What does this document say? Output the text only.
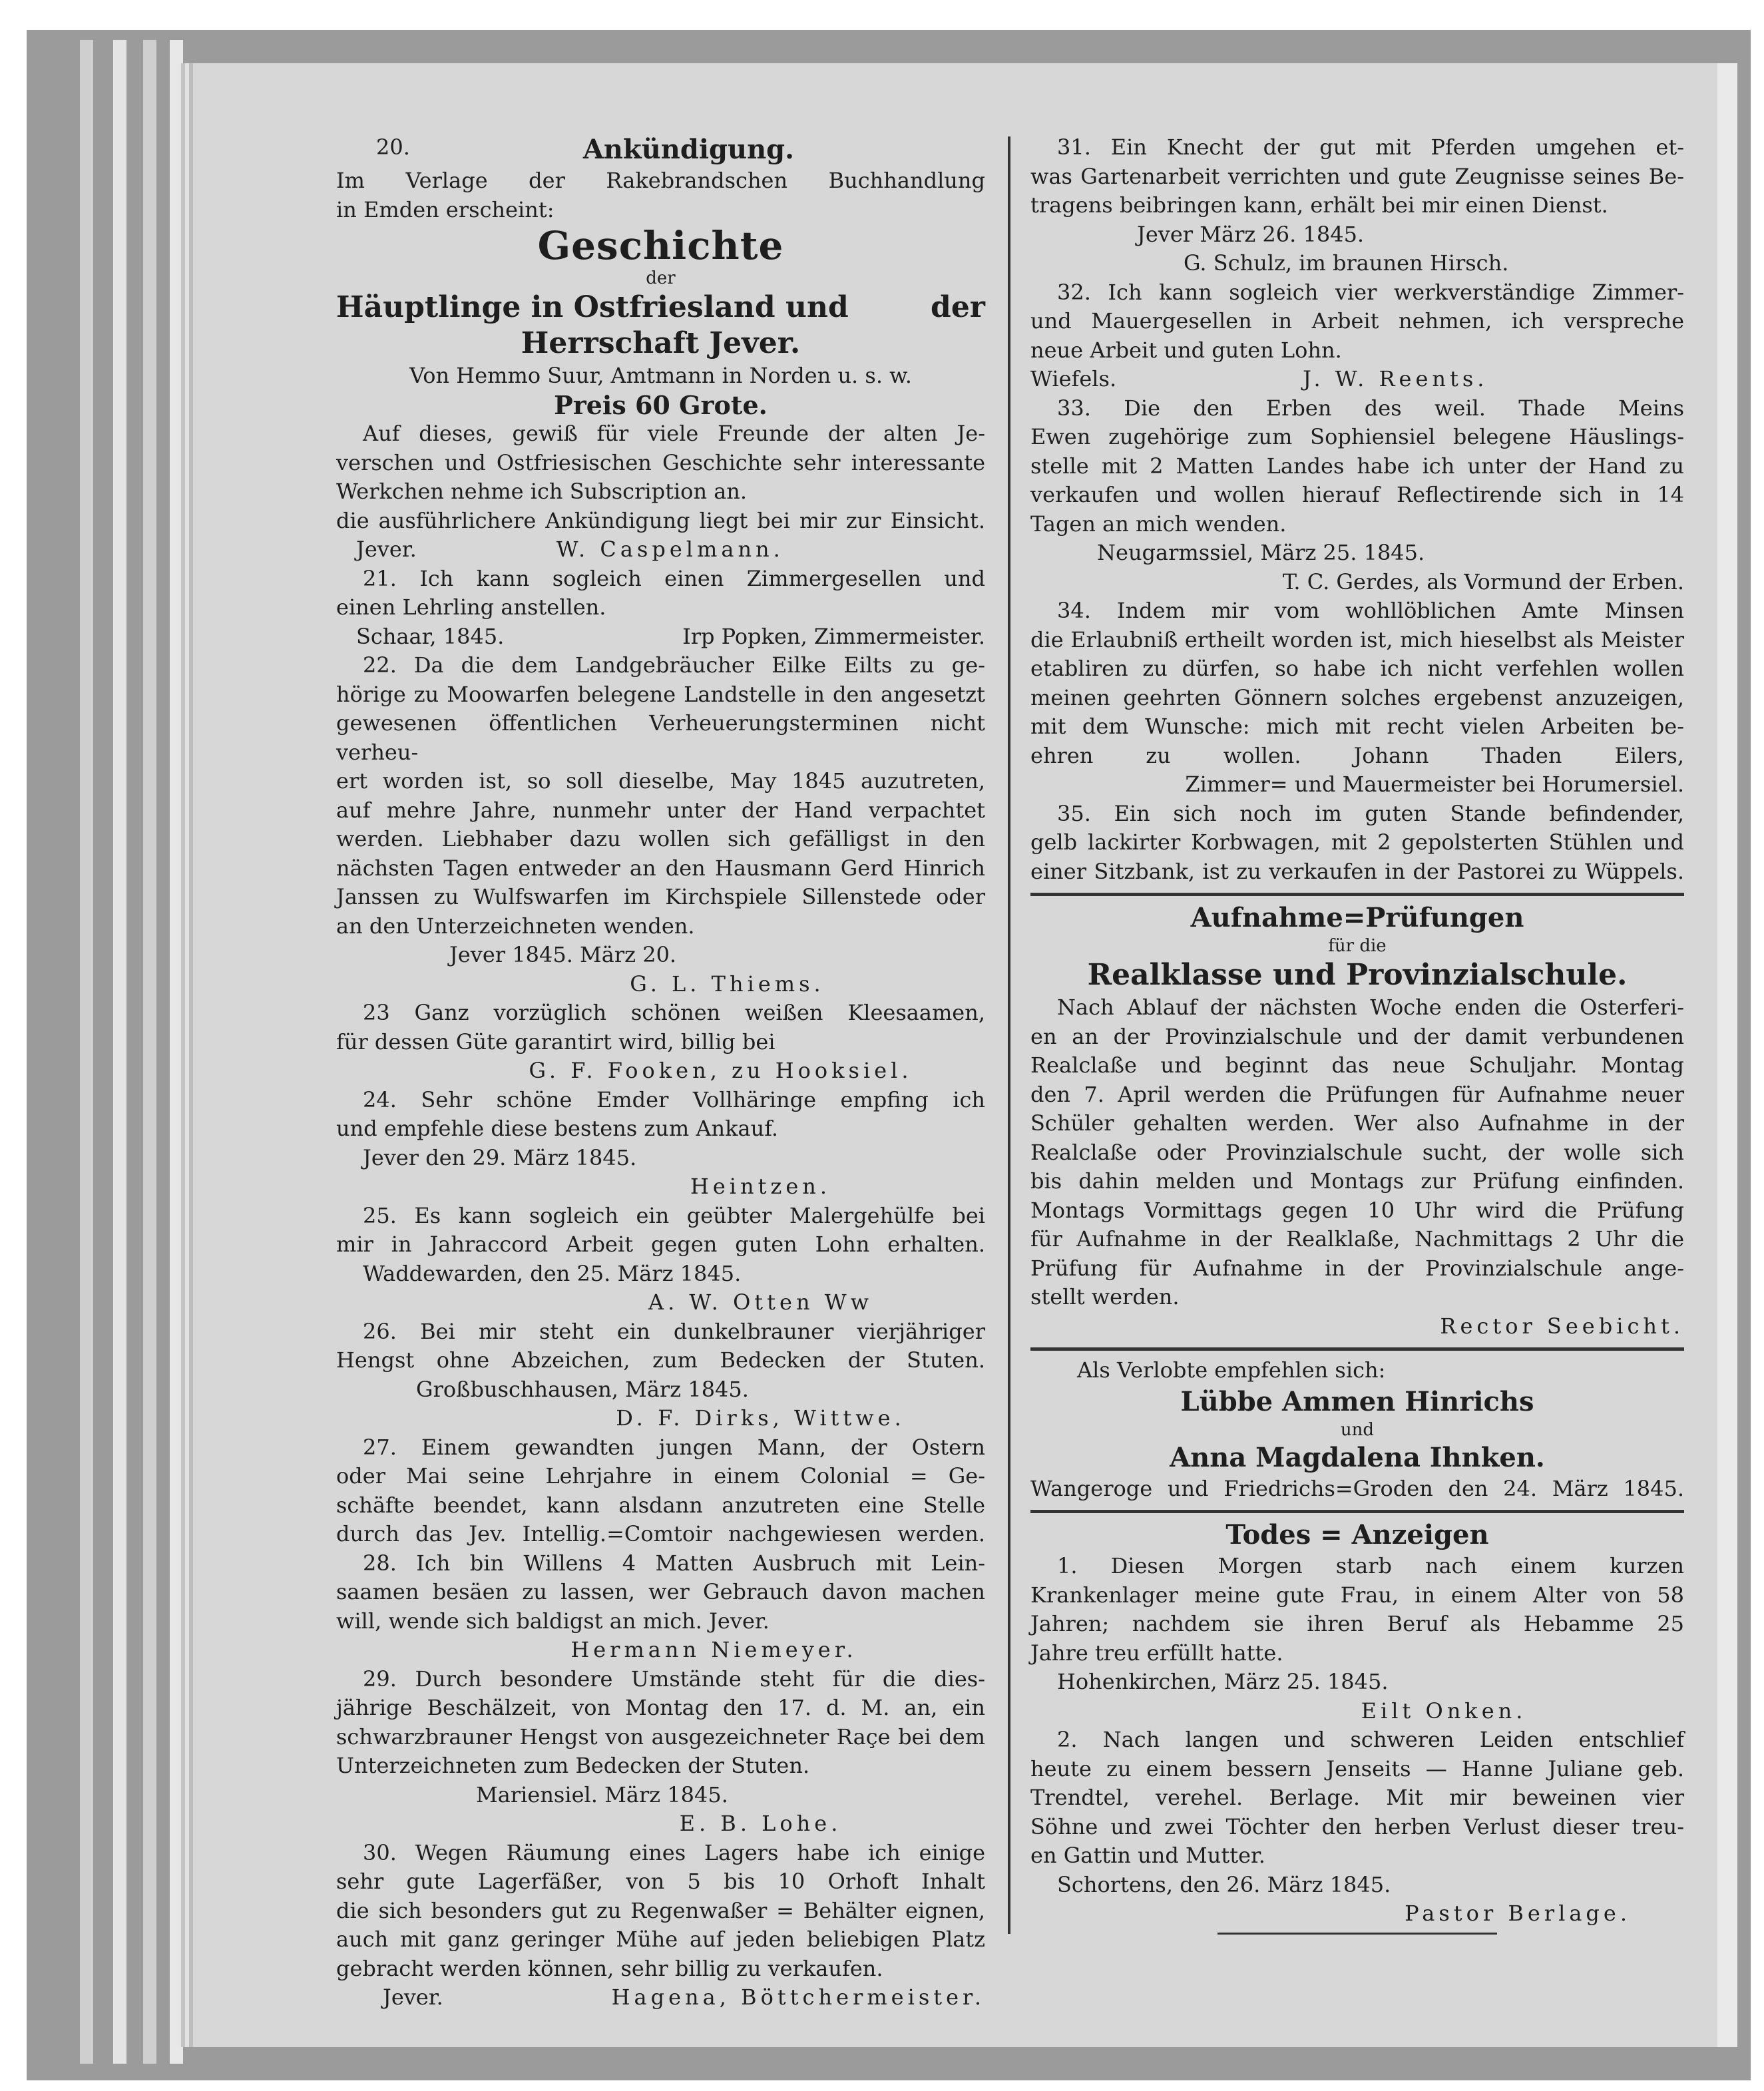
20.	Ankündigung.

Im Verlage der Rakebrandschen Buchhandlung

in Emden erscheint:

Geschichte

der

Häuptlinge in Ostfriesland und	der

Herrschaft Jever.

Von Hemmo Suur, Amtmann in Norden u. s. w.

Preis 60 Grote.

Auf dieses, gewiß für viele Freunde der alten Je-

verschen und Ostfriesischen Geschichte sehr interessante

Werkchen nehme ich Subscription an.

die ausführlichere Ankündigung liegt bei mir zur Einsicht.

Jever.	W. Caspelmann.

21. Ich kann sogleich einen Zimmergesellen und

einen Lehrling anstellen.

Schaar, 1845.	Irp Popken, Zimmermeister.

22. Da die dem Landgebräucher Eilke Eilts zu ge-

hörige zu Moowarfen belegene Landstelle in den angesetzt

gewesenen öffentlichen Verheuerungsterminen nicht verheu-

ert worden ist, so soll dieselbe, May 1845 auzutreten,

auf mehre Jahre, nunmehr unter der Hand verpachtet

werden. Liebhaber dazu wollen sich gefälligst in den

nächsten Tagen entweder an den Hausmann Gerd Hinrich

Janssen zu Wulfswarfen im Kirchspiele Sillenstede oder

an den Unterzeichneten wenden.

Jever 1845. März 20.

G. L. Thiems.

23 Ganz vorzüglich schönen weißen Kleesaamen,

für dessen Güte garantirt wird, billig bei

G. F. Fooken, zu Hooksiel.

24. Sehr schöne Emder Vollhäringe empfing ich

und empfehle diese bestens zum Ankauf.

Jever den 29. März 1845.

Heintzen.

25. Es kann sogleich ein geübter Malergehülfe bei

mir in Jahraccord Arbeit gegen guten Lohn erhalten.

Waddewarden, den 25. März 1845.

A. W. Otten Ww

26. Bei mir steht ein dunkelbrauner vierjähriger

Hengst ohne Abzeichen, zum Bedecken der Stuten.

Großbuschhausen, März 1845.

D. F. Dirks, Wittwe.

27. Einem gewandten jungen Mann, der Ostern

oder Mai seine Lehrjahre in einem Colonial = Ge-

schäfte beendet, kann alsdann anzutreten eine Stelle

durch das Jev. Intellig.=Comtoir nachgewiesen werden.

28. Ich bin Willens 4 Matten Ausbruch mit Lein-

saamen besäen zu lassen, wer Gebrauch davon machen

will, wende sich baldigst an mich. Jever.

Hermann Niemeyer.

29. Durch besondere Umstände steht für die dies-

jährige Beschälzeit, von Montag den 17. d. M. an, ein

schwarzbrauner Hengst von ausgezeichneter Raçe bei dem

Unterzeichneten zum Bedecken der Stuten.

Mariensiel. März 1845.

E. B. Lohe.

30. Wegen Räumung eines Lagers habe ich einige

sehr gute Lagerfäßer, von 5 bis 10 Orhoft Inhalt

die sich besonders gut zu Regenwaßer = Behälter eignen,

auch mit ganz geringer Mühe auf jeden beliebigen Platz

gebracht werden können, sehr billig zu verkaufen.

Jever.	Hagena, Böttchermeister.

31. Ein Knecht der gut mit Pferden umgehen et-

was Gartenarbeit verrichten und gute Zeugnisse seines Be-

tragens beibringen kann, erhält bei mir einen Dienst.

Jever März 26. 1845.

G. Schulz, im braunen Hirsch.

32. Ich kann sogleich vier werkverständige Zimmer-

und Mauergesellen in Arbeit nehmen, ich verspreche

neue Arbeit und guten Lohn.

Wiefels.	J. W. Reents.

33. Die den Erben des weil. Thade Meins

Ewen zugehörige zum Sophiensiel belegene Häuslings-

stelle mit 2 Matten Landes habe ich unter der Hand zu

verkaufen und wollen hierauf Reflectirende sich in 14

Tagen an mich wenden.

Neugarmssiel, März 25. 1845.

T. C. Gerdes, als Vormund der Erben.

34. Indem mir vom wohllöblichen Amte Minsen

die Erlaubniß ertheilt worden ist, mich hieselbst als Meister

etabliren zu dürfen, so habe ich nicht verfehlen wollen

meinen geehrten Gönnern solches ergebenst anzuzeigen,

mit dem Wunsche: mich mit recht vielen Arbeiten be-

ehren zu wollen. Johann Thaden Eilers,

Zimmer= und Mauermeister bei Horumersiel.

35. Ein sich noch im guten Stande befindender,

gelb lackirter Korbwagen, mit 2 gepolsterten Stühlen und

einer Sitzbank, ist zu verkaufen in der Pastorei zu Wüppels.

Aufnahme=Prüfungen

für die

Realklasse und Provinzialschule.

Nach Ablauf der nächsten Woche enden die Osterferi-

en an der Provinzialschule und der damit verbundenen

Realclaße und beginnt das neue Schuljahr. Montag

den 7. April werden die Prüfungen für Aufnahme neuer

Schüler gehalten werden. Wer also Aufnahme in der

Realclaße oder Provinzialschule sucht, der wolle sich

bis dahin melden und Montags zur Prüfung einfinden.

Montags Vormittags gegen 10 Uhr wird die Prüfung

für Aufnahme in der Realklaße, Nachmittags 2 Uhr die

Prüfung für Aufnahme in der Provinzialschule ange-

stellt werden.

Rector Seebicht.

Als Verlobte empfehlen sich:

Lübbe Ammen Hinrichs

und

Anna Magdalena Ihnken.

Wangeroge und Friedrichs=Groden den 24. März 1845.

Todes = Anzeigen

1. Diesen Morgen starb nach einem kurzen

Krankenlager meine gute Frau, in einem Alter von 58

Jahren; nachdem sie ihren Beruf als Hebamme 25

Jahre treu erfüllt hatte.

Hohenkirchen, März 25. 1845.

Eilt Onken.

2. Nach langen und schweren Leiden entschlief

heute zu einem bessern Jenseits — Hanne Juliane geb.

Trendtel, verehel. Berlage. Mit mir beweinen vier

Söhne und zwei Töchter den herben Verlust dieser treu-

en Gattin und Mutter.

Schortens, den 26. März 1845.

Pastor Berlage.
